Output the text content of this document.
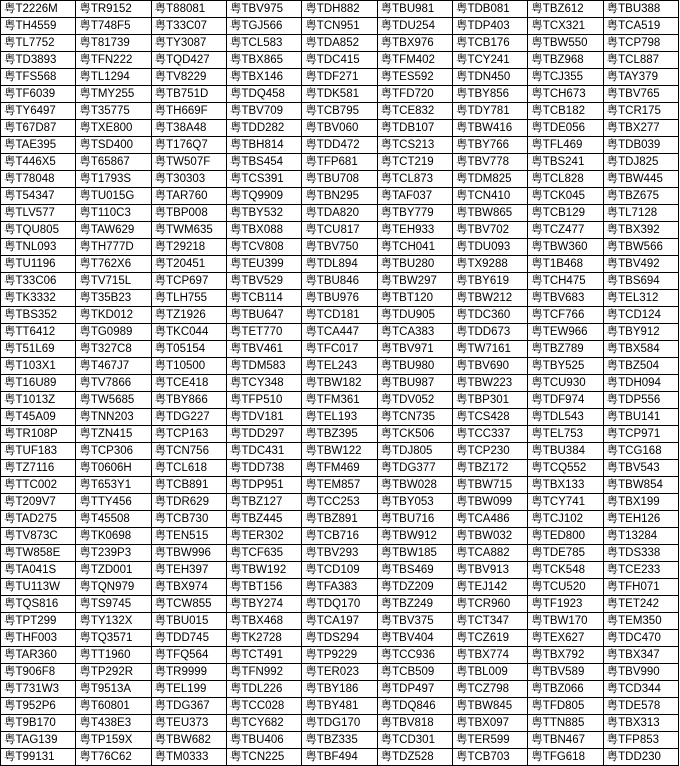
粤T2226M	粤TR9152	粤T88081	粤TBV975	粤TDH882	粤TBU981	粤TDB081	粤TBZ612	粤TBU388
粤TH4559	粤T748F5	粤T33C07	粤TGJ566	粤TCN951	粤TDU254	粤TDP403	粤TCX321	粤TCA519
粤TL7752	粤T81739	粤TY3087	粤TCL583	粤TDA852	粤TBX976	粤TCB176	粤TBW550	粤TCP798
粤TD3893	粤TFN222	粤TQD427	粤TBX865	粤TDC415	粤TFM402	粤TCY241	粤TBZ968	粤TCL887
粤TFS568	粤TL1294	粤TV8229	粤TBX146	粤TDF271	粤TES592	粤TDN450	粤TCJ355	粤TAY379
粤TF6039	粤TMY255	粤TB751D	粤TDQ458	粤TDK581	粤TFD720	粤TBY856	粤TCH673	粤TBV765
粤TY6497	粤T35775	粤TH669F	粤TBV709	粤TCB795	粤TCE832	粤TDY781	粤TCB182	粤TCR175
粤T67D87	粤TXE800	粤T38A48	粤TDD282	粤TBV060	粤TDB107	粤TBW416	粤TDE056	粤TBX277
粤TAE395	粤TSD400	粤T176Q7	粤TBH814	粤TDD472	粤TCS213	粤TBY766	粤TFL469	粤TDB039
粤T446X5	粤T65867	粤TW507F	粤TBS454	粤TFP681	粤TCT219	粤TBV778	粤TBS241	粤TDJ825
粤T78048	粤T1793S	粤T30303	粤TCS391	粤TBU708	粤TCL873	粤TDM825	粤TCL828	粤TBW445
粤T54347	粤TU015G	粤TAR760	粤TQ9909	粤TBN295	粤TAF037	粤TCN410	粤TCK045	粤TBZ675
粤TLV577	粤T110C3	粤TBP008	粤TBY532	粤TDA820	粤TBY779	粤TBW865	粤TCB129	粤TL7128
粤TQU805	粤TAW629	粤TWM635	粤TBX088	粤TCU817	粤TEH933	粤TBV702	粤TCZ477	粤TBX392
粤TNL093	粤TH777D	粤T29218	粤TCV808	粤TBV750	粤TCH041	粤TDU093	粤TBW360	粤TBW566
粤TU1196	粤T762X6	粤T20451	粤TEU399	粤TDL894	粤TBU280	粤TX9288	粤T1B468	粤TBV492
粤T33C06	粤TV715L	粤TCP697	粤TBV529	粤TBU846	粤TBW297	粤TBY619	粤TCH475	粤TBS694
粤TK3332	粤T35B23	粤TLH755	粤TCB114	粤TBU976	粤TBT120	粤TBW212	粤TBV683	粤TEL312
粤TBS352	粤TKD012	粤TZ1926	粤TBU647	粤TCD181	粤TDU905	粤TDC360	粤TCF766	粤TCD124
粤TT6412	粤TG0989	粤TKC044	粤TET770	粤TCA447	粤TCA383	粤TDD673	粤TEW966	粤TBY912
粤T51L69	粤T327C8	粤T05154	粤TBV461	粤TFC017	粤TBV971	粤TW7161	粤TBZ789	粤TBX584
粤T103X1	粤T467J7	粤T10500	粤TDM583	粤TEL243	粤TBU980	粤TBV690	粤TBY525	粤TBZ504
粤T16U89	粤TV7866	粤TCE418	粤TCY348	粤TBW182	粤TBU987	粤TBW223	粤TCU930	粤TDH094
粤T1013Z	粤TW5685	粤TBY866	粤TFP510	粤TFM361	粤TDV052	粤TBP301	粤TDF974	粤TDP556
粤T45A09	粤TNN203	粤TDG227	粤TDV181	粤TEL193	粤TCN735	粤TCS428	粤TDL543	粤TBU141
粤TR108P	粤TZN415	粤TCP163	粤TDD297	粤TBZ395	粤TCK506	粤TCC337	粤TEL753	粤TCP971
粤TUF183	粤TCP306	粤TCN756	粤TDC431	粤TBW122	粤TDJ805	粤TCP230	粤TBU384	粤TCG168
粤TZ7116	粤T0606H	粤TCL618	粤TDD738	粤TFM469	粤TDG377	粤TBZ172	粤TCQ552	粤TBV543
粤TTC002	粤T653Y1	粤TCB891	粤TDP951	粤TEM857	粤TBW028	粤TBW715	粤TBX133	粤TBW854
粤T209V7	粤TTY456	粤TDR629	粤TBZ127	粤TCC253	粤TBY053	粤TBW099	粤TCY741	粤TBX199
粤TAD275	粤T45508	粤TCB730	粤TBZ445	粤TBZ891	粤TBU716	粤TCA486	粤TCJ102	粤TEH126
粤TV873C	粤TK0698	粤TEN515	粤TER302	粤TCB716	粤TBW912	粤TBW032	粤TED800	粤T13284
粤TW858E	粤T239P3	粤TBW996	粤TCF635	粤TBV293	粤TBW185	粤TCA882	粤TDE785	粤TDS338
粤TA041S	粤TZD001	粤TEH397	粤TBW192	粤TCD109	粤TBS469	粤TBV913	粤TCK548	粤TCE233
粤TU113W	粤TQN979	粤TBX974	粤TBT156	粤TFA383	粤TDZ209	粤TEJ142	粤TCU520	粤TFH071
粤TQS816	粤TS9745	粤TCW855	粤TBY274	粤TDQ170	粤TBZ249	粤TCR960	粤TF1923	粤TET242
粤TPT299	粤TY132X	粤TBU015	粤TBX468	粤TCA197	粤TBV375	粤TCT347	粤TBW170	粤TEM350
粤THF003	粤TQ3571	粤TDD745	粤TK2728	粤TDS294	粤TBV404	粤TCZ619	粤TEX627	粤TDC470
粤TAR360	粤TT1960	粤TFQ564	粤TCT491	粤TP9229	粤TCC936	粤TBX774	粤TBX792	粤TBX347
粤T906F8	粤TP292R	粤TR9999	粤TFN992	粤TER023	粤TCB509	粤TBL009	粤TBV589	粤TBV990
粤T731W3	粤T9513A	粤TEL199	粤TDL226	粤TBY186	粤TDP497	粤TCZ798	粤TBZ066	粤TCD344
粤T952P6	粤T60801	粤TDG367	粤TCC028	粤TBY481	粤TDQ846	粤TBW845	粤TFD805	粤TDE578
粤T9B170	粤T438E3	粤TEU373	粤TCY682	粤TDG170	粤TBV818	粤TBX097	粤TTN885	粤TBX313
粤TAG139	粤TP159X	粤TBW682	粤TBU406	粤TBZ335	粤TCD301	粤TER599	粤TBN467	粤TFP853
粤T99131	粤T76C62	粤TM0333	粤TCN225	粤TBF494	粤TDZ528	粤TCB703	粤TFG618	粤TDD230
